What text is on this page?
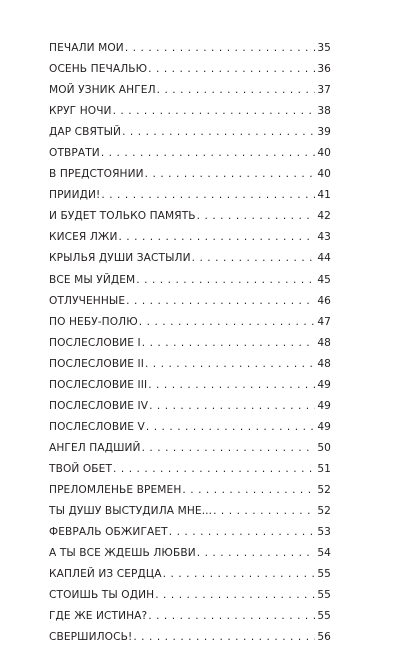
ПЕЧАЛИ МОИ . . .	35
ОСЕНЬ ПЕЧАЛЬЮ . . .	36
МОЙ УЗНИК АНГЕЛ . . .	37
КРУГ НОЧИ . . .	38
ДАР СВЯТЫЙ . . .	39
ОТВРАТИ . . .	40
В ПРЕДСТОЯНИИ . . .	40
ПРИИДИ! . . .	41
И БУДЕТ ТОЛЬКО ПАМЯТЬ . . .	42
КИСЕЯ ЛЖИ . . .	43
КРЫЛЬЯ ДУШИ ЗАСТЫЛИ . . .	44
ВСЕ МЫ УЙДЕМ . . .	45
ОТЛУЧЕННЫЕ . . .	46
ПО НЕБУ-ПОЛЮ . . .	47
ПОСЛЕСЛОВИЕ I . . .	48
ПОСЛЕСЛОВИЕ II . . .	48
ПОСЛЕСЛОВИЕ III . . .	49
ПОСЛЕСЛОВИЕ IV . . .	49
ПОСЛЕСЛОВИЕ V . . .	49
АНГЕЛ ПАДШИЙ . . .	50
ТВОЙ ОБЕТ . . .	51
ПРЕЛОМЛЕНЬЕ ВРЕМЕН . . .	52
ТЫ ДУШУ ВЫСТУДИЛА МНЕ... . . .	52
ФЕВРАЛЬ ОБЖИГАЕТ . . .	53
А ТЫ ВСЕ ЖДЕШЬ ЛЮБВИ . . .	54
КАПЛЕЙ ИЗ СЕРДЦА . . .	55
СТОИШЬ ТЫ ОДИН . . .	55
ГДЕ ЖЕ ИСТИНА? . . .	55
СВЕРШИЛОСЬ! . . .	56
